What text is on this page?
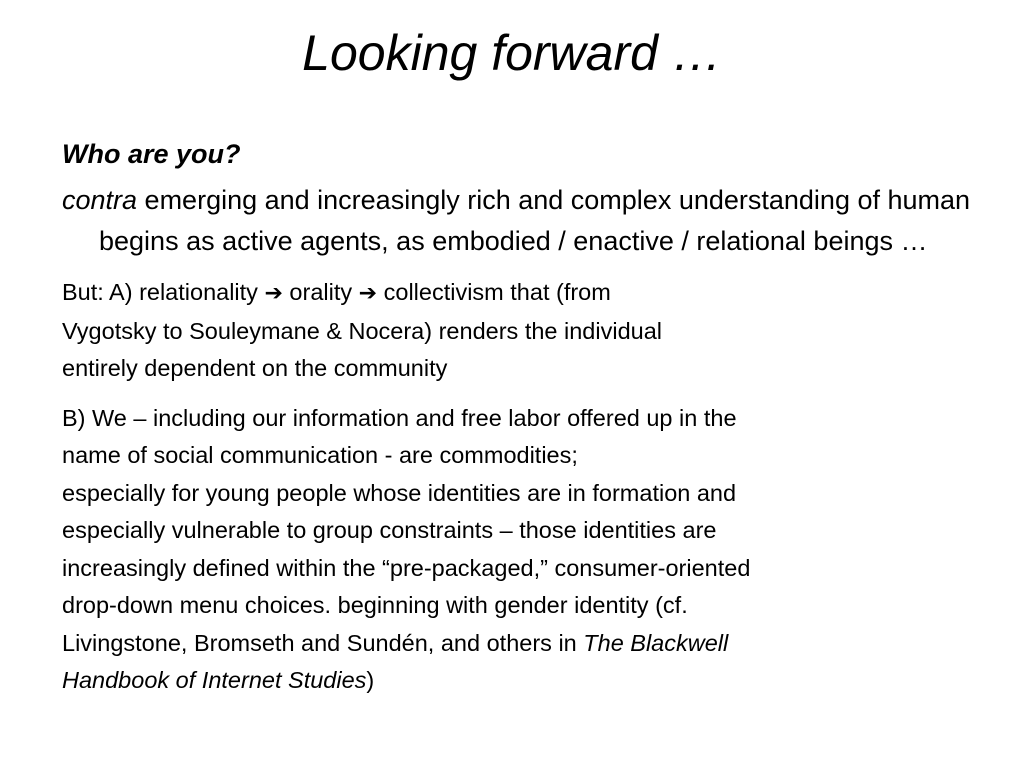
Looking forward …
Who are you?
contra emerging and increasingly rich and complex understanding of human begins as active agents, as embodied / enactive / relational beings …
But: A) relationality ➔ orality ➔ collectivism that (from
Vygotsky to Souleymane & Nocera) renders the individual
entirely dependent on the community
B) We – including our information and free labor offered up in the
name of social communication - are commodities;
especially for young people whose identities are in formation and
especially vulnerable to group constraints – those identities are
increasingly defined within the “pre-packaged,” consumer-oriented
drop-down menu choices. beginning with gender identity (cf.
Livingstone, Bromseth and Sundén, and others in The Blackwell
Handbook of Internet Studies)
